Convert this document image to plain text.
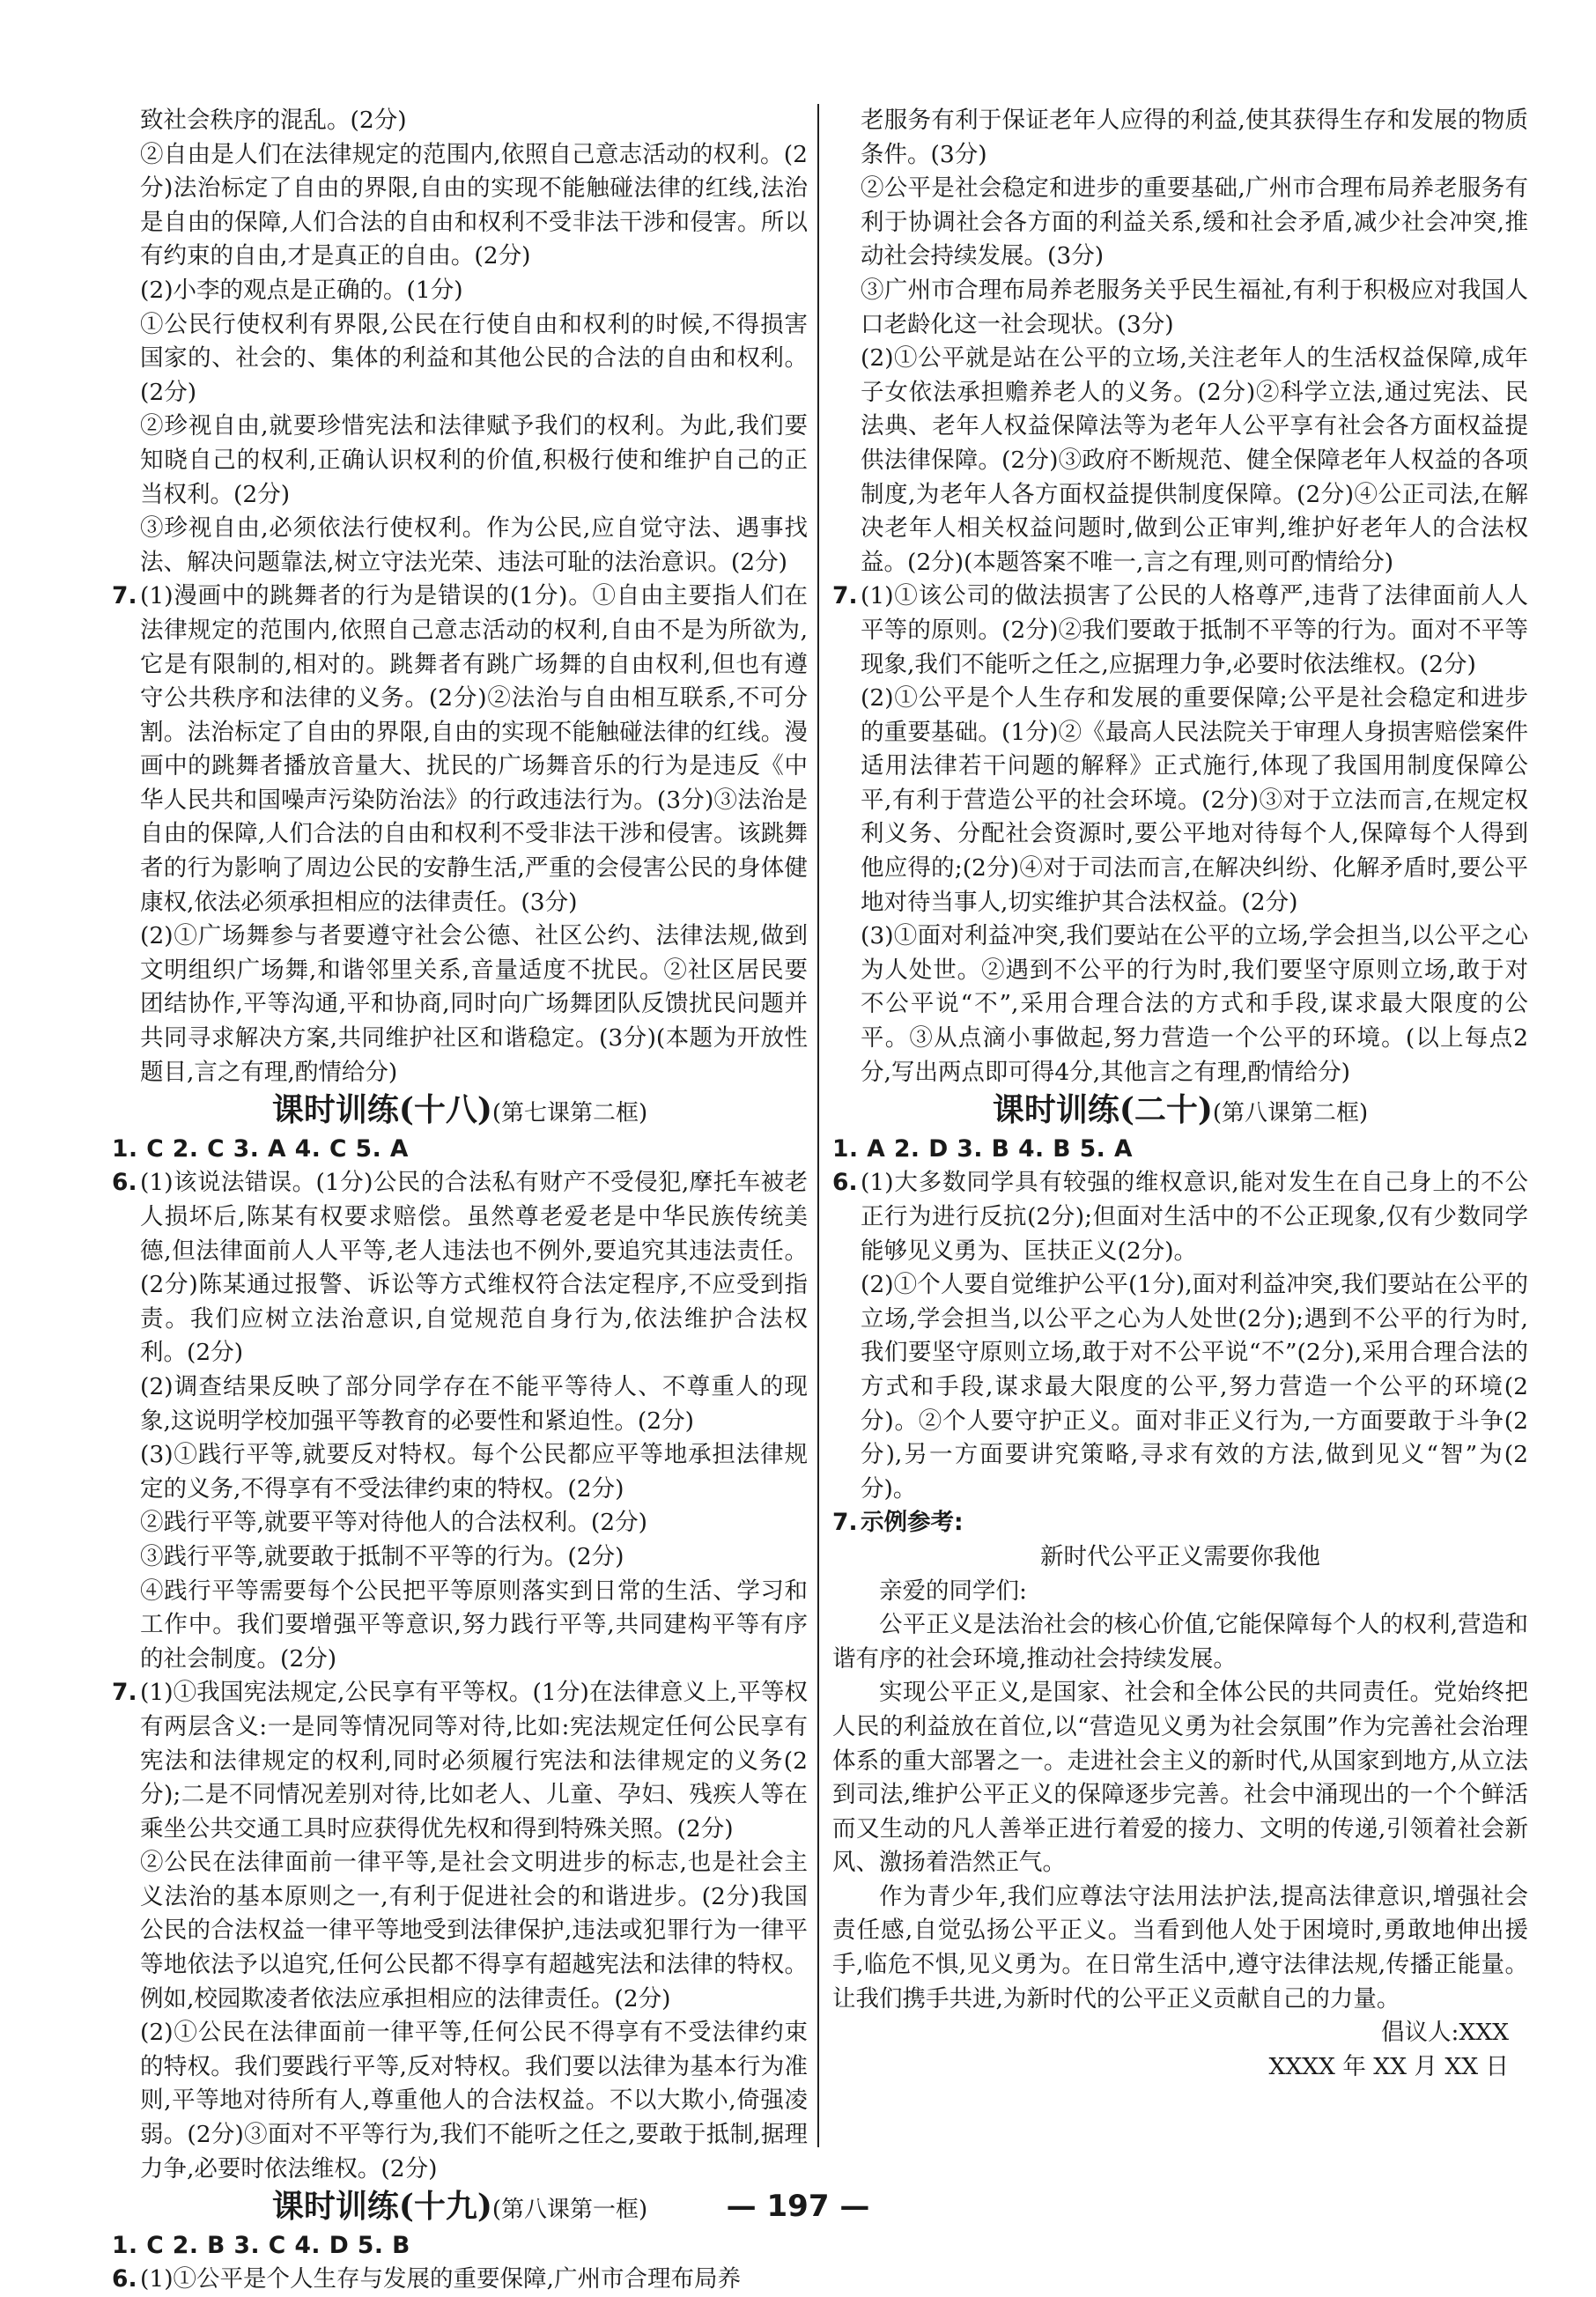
致社会秩序的混乱。(2分)

②自由是人们在法律规定的范围内,依照自己意志活动的权利。(2分)法治标定了自由的界限,自由的实现不能触碰法律的红线,法治是自由的保障,人们合法的自由和权利不受非法干涉和侵害。所以有约束的自由,才是真正的自由。(2分)

(2)小李的观点是正确的。(1分)

①公民行使权利有界限,公民在行使自由和权利的时候,不得损害国家的、社会的、集体的利益和其他公民的合法的自由和权利。(2分)

②珍视自由,就要珍惜宪法和法律赋予我们的权利。为此,我们要知晓自己的权利,正确认识权利的价值,积极行使和维护自己的正当权利。(2分)

③珍视自由,必须依法行使权利。作为公民,应自觉守法、遇事找法、解决问题靠法,树立守法光荣、违法可耻的法治意识。(2分)

7. (1)漫画中的跳舞者的行为是错误的(1分)。①自由主要指人们在法律规定的范围内,依照自己意志活动的权利,自由不是为所欲为,它是有限制的,相对的。跳舞者有跳广场舞的自由权利,但也有遵守公共秩序和法律的义务。(2分)②法治与自由相互联系,不可分割。法治标定了自由的界限,自由的实现不能触碰法律的红线。漫画中的跳舞者播放音量大、扰民的广场舞音乐的行为是违反《中华人民共和国噪声污染防治法》的行政违法行为。(3分)③法治是自由的保障,人们合法的自由和权利不受非法干涉和侵害。该跳舞者的行为影响了周边公民的安静生活,严重的会侵害公民的身体健康权,依法必须承担相应的法律责任。(3分)

(2)①广场舞参与者要遵守社会公德、社区公约、法律法规,做到文明组织广场舞,和谐邻里关系,音量适度不扰民。②社区居民要团结协作,平等沟通,平和协商,同时向广场舞团队反馈扰民问题并共同寻求解决方案,共同维护社区和谐稳定。(3分)(本题为开放性题目,言之有理,酌情给分)

课时训练(十八)(第七课第二框)

1. C 2. C 3. A 4. C 5. A

6. (1)该说法错误。(1分)公民的合法私有财产不受侵犯,摩托车被老人损坏后,陈某有权要求赔偿。虽然尊老爱老是中华民族传统美德,但法律面前人人平等,老人违法也不例外,要追究其违法责任。(2分)陈某通过报警、诉讼等方式维权符合法定程序,不应受到指责。我们应树立法治意识,自觉规范自身行为,依法维护合法权利。(2分)

(2)调查结果反映了部分同学存在不能平等待人、不尊重人的现象,这说明学校加强平等教育的必要性和紧迫性。(2分)

(3)①践行平等,就要反对特权。每个公民都应平等地承担法律规定的义务,不得享有不受法律约束的特权。(2分)

②践行平等,就要平等对待他人的合法权利。(2分)

③践行平等,就要敢于抵制不平等的行为。(2分)

④践行平等需要每个公民把平等原则落实到日常的生活、学习和工作中。我们要增强平等意识,努力践行平等,共同建构平等有序的社会制度。(2分)

7. (1)①我国宪法规定,公民享有平等权。(1分)在法律意义上,平等权有两层含义:一是同等情况同等对待,比如:宪法规定任何公民享有宪法和法律规定的权利,同时必须履行宪法和法律规定的义务(2分);二是不同情况差别对待,比如老人、儿童、孕妇、残疾人等在乘坐公共交通工具时应获得优先权和得到特殊关照。(2分)

②公民在法律面前一律平等,是社会文明进步的标志,也是社会主义法治的基本原则之一,有利于促进社会的和谐进步。(2分)我国公民的合法权益一律平等地受到法律保护,违法或犯罪行为一律平等地依法予以追究,任何公民都不得享有超越宪法和法律的特权。例如,校园欺凌者依法应承担相应的法律责任。(2分)

(2)①公民在法律面前一律平等,任何公民不得享有不受法律约束的特权。我们要践行平等,反对特权。我们要以法律为基本行为准则,平等地对待所有人,尊重他人的合法权益。不以大欺小,倚强凌弱。(2分)③面对不平等行为,我们不能听之任之,要敢于抵制,据理力争,必要时依法维权。(2分)

课时训练(十九)(第八课第一框)

1. C 2. B 3. C 4. D 5. B

6. (1)①公平是个人生存与发展的重要保障,广州市合理布局养

老服务有利于保证老年人应得的利益,使其获得生存和发展的物质条件。(3分)

②公平是社会稳定和进步的重要基础,广州市合理布局养老服务有利于协调社会各方面的利益关系,缓和社会矛盾,减少社会冲突,推动社会持续发展。(3分)

③广州市合理布局养老服务关乎民生福祉,有利于积极应对我国人口老龄化这一社会现状。(3分)

(2)①公平就是站在公平的立场,关注老年人的生活权益保障,成年子女依法承担赡养老人的义务。(2分)②科学立法,通过宪法、民法典、老年人权益保障法等为老年人公平享有社会各方面权益提供法律保障。(2分)③政府不断规范、健全保障老年人权益的各项制度,为老年人各方面权益提供制度保障。(2分)④公正司法,在解决老年人相关权益问题时,做到公正审判,维护好老年人的合法权益。(2分)(本题答案不唯一,言之有理,则可酌情给分)

7. (1)①该公司的做法损害了公民的人格尊严,违背了法律面前人人平等的原则。(2分)②我们要敢于抵制不平等的行为。面对不平等现象,我们不能听之任之,应据理力争,必要时依法维权。(2分)

(2)①公平是个人生存和发展的重要保障;公平是社会稳定和进步的重要基础。(1分)②《最高人民法院关于审理人身损害赔偿案件适用法律若干问题的解释》正式施行,体现了我国用制度保障公平,有利于营造公平的社会环境。(2分)③对于立法而言,在规定权利义务、分配社会资源时,要公平地对待每个人,保障每个人得到他应得的;(2分)④对于司法而言,在解决纠纷、化解矛盾时,要公平地对待当事人,切实维护其合法权益。(2分)

(3)①面对利益冲突,我们要站在公平的立场,学会担当,以公平之心为人处世。②遇到不公平的行为时,我们要坚守原则立场,敢于对不公平说“不”,采用合理合法的方式和手段,谋求最大限度的公平。③从点滴小事做起,努力营造一个公平的环境。(以上每点2分,写出两点即可得4分,其他言之有理,酌情给分)

课时训练(二十)(第八课第二框)

1. A 2. D 3. B 4. B 5. A

6. (1)大多数同学具有较强的维权意识,能对发生在自己身上的不公正行为进行反抗(2分);但面对生活中的不公正现象,仅有少数同学能够见义勇为、匡扶正义(2分)。

(2)①个人要自觉维护公平(1分),面对利益冲突,我们要站在公平的立场,学会担当,以公平之心为人处世(2分);遇到不公平的行为时,我们要坚守原则立场,敢于对不公平说“不”(2分),采用合理合法的方式和手段,谋求最大限度的公平,努力营造一个公平的环境(2分)。②个人要守护正义。面对非正义行为,一方面要敢于斗争(2分),另一方面要讲究策略,寻求有效的方法,做到见义“智”为(2分)。

7. 示例参考:

新时代公平正义需要你我他

亲爱的同学们:

公平正义是法治社会的核心价值,它能保障每个人的权利,营造和谐有序的社会环境,推动社会持续发展。

实现公平正义,是国家、社会和全体公民的共同责任。党始终把人民的利益放在首位,以“营造见义勇为社会氛围”作为完善社会治理体系的重大部署之一。走进社会主义的新时代,从国家到地方,从立法到司法,维护公平正义的保障逐步完善。社会中涌现出的一个个鲜活而又生动的凡人善举正进行着爱的接力、文明的传递,引领着社会新风、激扬着浩然正气。

作为青少年,我们应尊法守法用法护法,提高法律意识,增强社会责任感,自觉弘扬公平正义。当看到他人处于困境时,勇敢地伸出援手,临危不惧,见义勇为。在日常生活中,遵守法律法规,传播正能量。让我们携手共进,为新时代的公平正义贡献自己的力量。

倡议人:XXX

XXXX 年 XX 月 XX 日

— 197 —
